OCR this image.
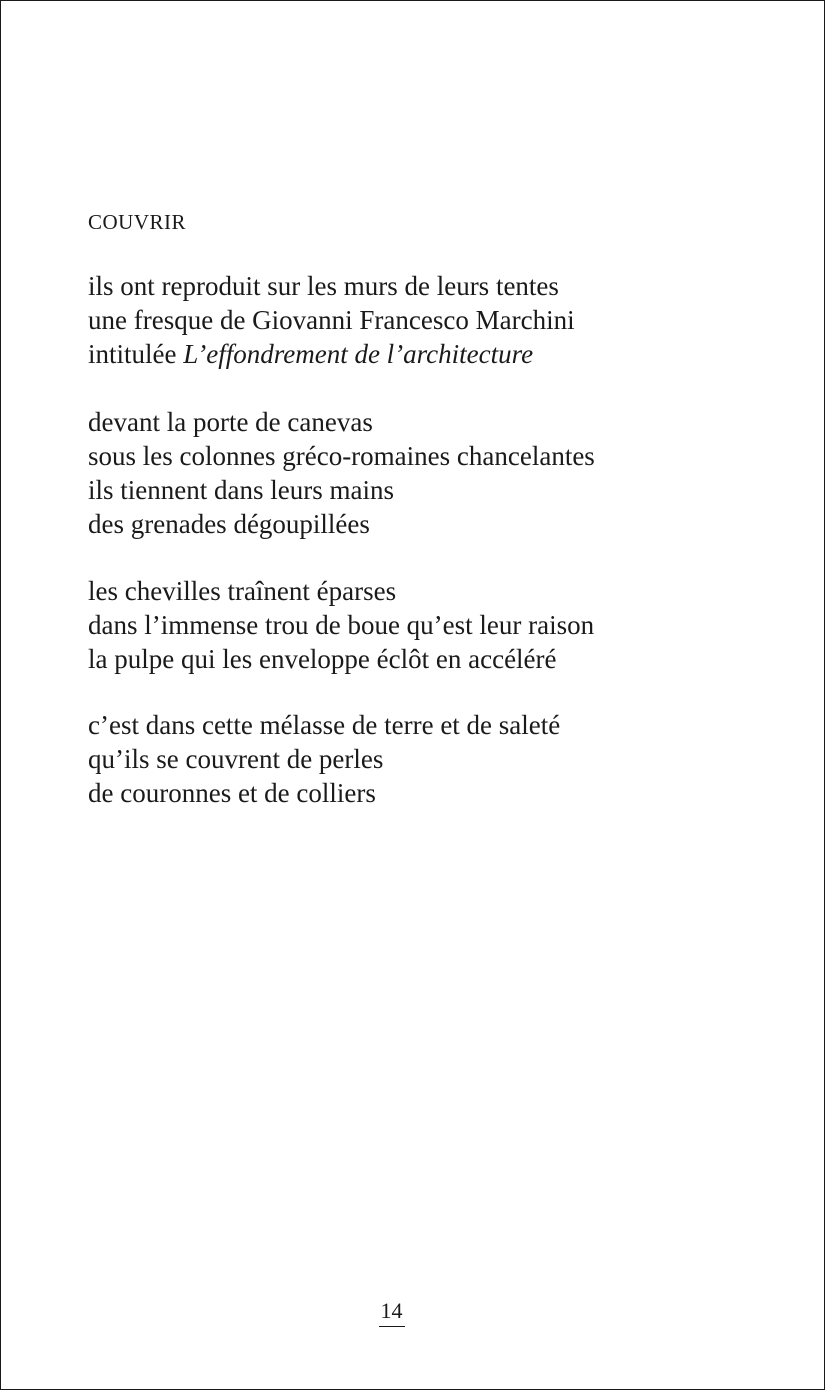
COUVRIR

ils ont reproduit sur les murs de leurs tentes
une fresque de Giovanni Francesco Marchini
intitulée L’effondrement de l’architecture

devant la porte de canevas
sous les colonnes gréco-romaines chancelantes
ils tiennent dans leurs mains
des grenades dégoupillées

les chevilles traînent éparses
dans l’immense trou de boue qu’est leur raison
la pulpe qui les enveloppe éclôt en accéléré

c’est dans cette mélasse de terre et de saleté
qu’ils se couvrent de perles
de couronnes et de colliers

14
